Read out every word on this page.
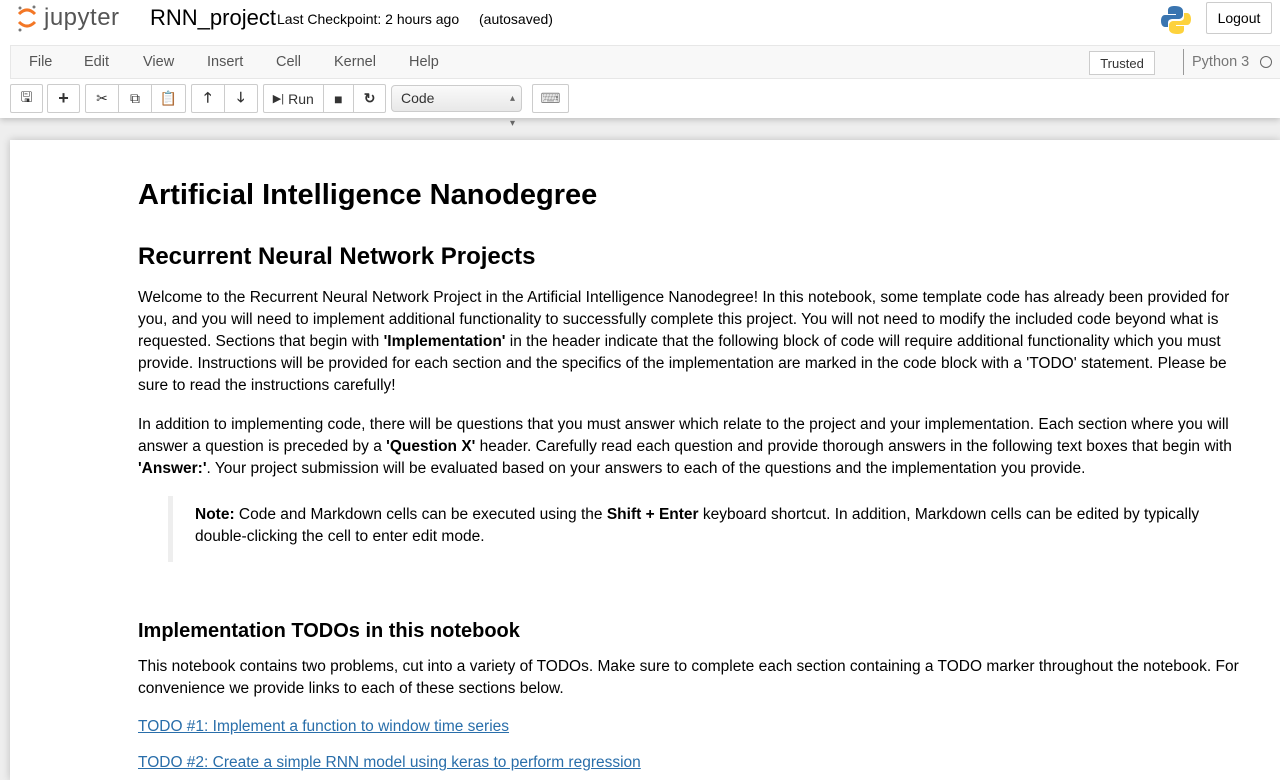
jupyter RNN_project Last Checkpoint: 2 hours ago (autosaved)	Logout
File Edit View Insert Cell Kernel Help	Trusted	Python 3
🖫	+	✂	⧉	📋	🡑	🡓	▶| Run	■	↻	Code	▴
▾
⌨
Artificial Intelligence Nanodegree
Recurrent Neural Network Projects

Welcome to the Recurrent Neural Network Project in the Artificial Intelligence Nanodegree! In this notebook, some template code has already been provided for you, and you will need to implement additional functionality to successfully complete this project. You will not need to modify the included code beyond what is requested. Sections that begin with 'Implementation' in the header indicate that the following block of code will require additional functionality which you must provide. Instructions will be provided for each section and the specifics of the implementation are marked in the code block with a 'TODO' statement. Please be sure to read the instructions carefully!

In addition to implementing code, there will be questions that you must answer which relate to the project and your implementation. Each section where you will answer a question is preceded by a 'Question X' header. Carefully read each question and provide thorough answers in the following text boxes that begin with 'Answer:'. Your project submission will be evaluated based on your answers to each of the questions and the implementation you provide.

Note: Code and Markdown cells can be executed using the Shift + Enter keyboard shortcut. In addition, Markdown cells can be edited by typically double-clicking the cell to enter edit mode.
Implementation TODOs in this notebook

This notebook contains two problems, cut into a variety of TODOs. Make sure to complete each section containing a TODO marker throughout the notebook. For convenience we provide links to each of these sections below.

TODO #1: Implement a function to window time series

TODO #2: Create a simple RNN model using keras to perform regression
